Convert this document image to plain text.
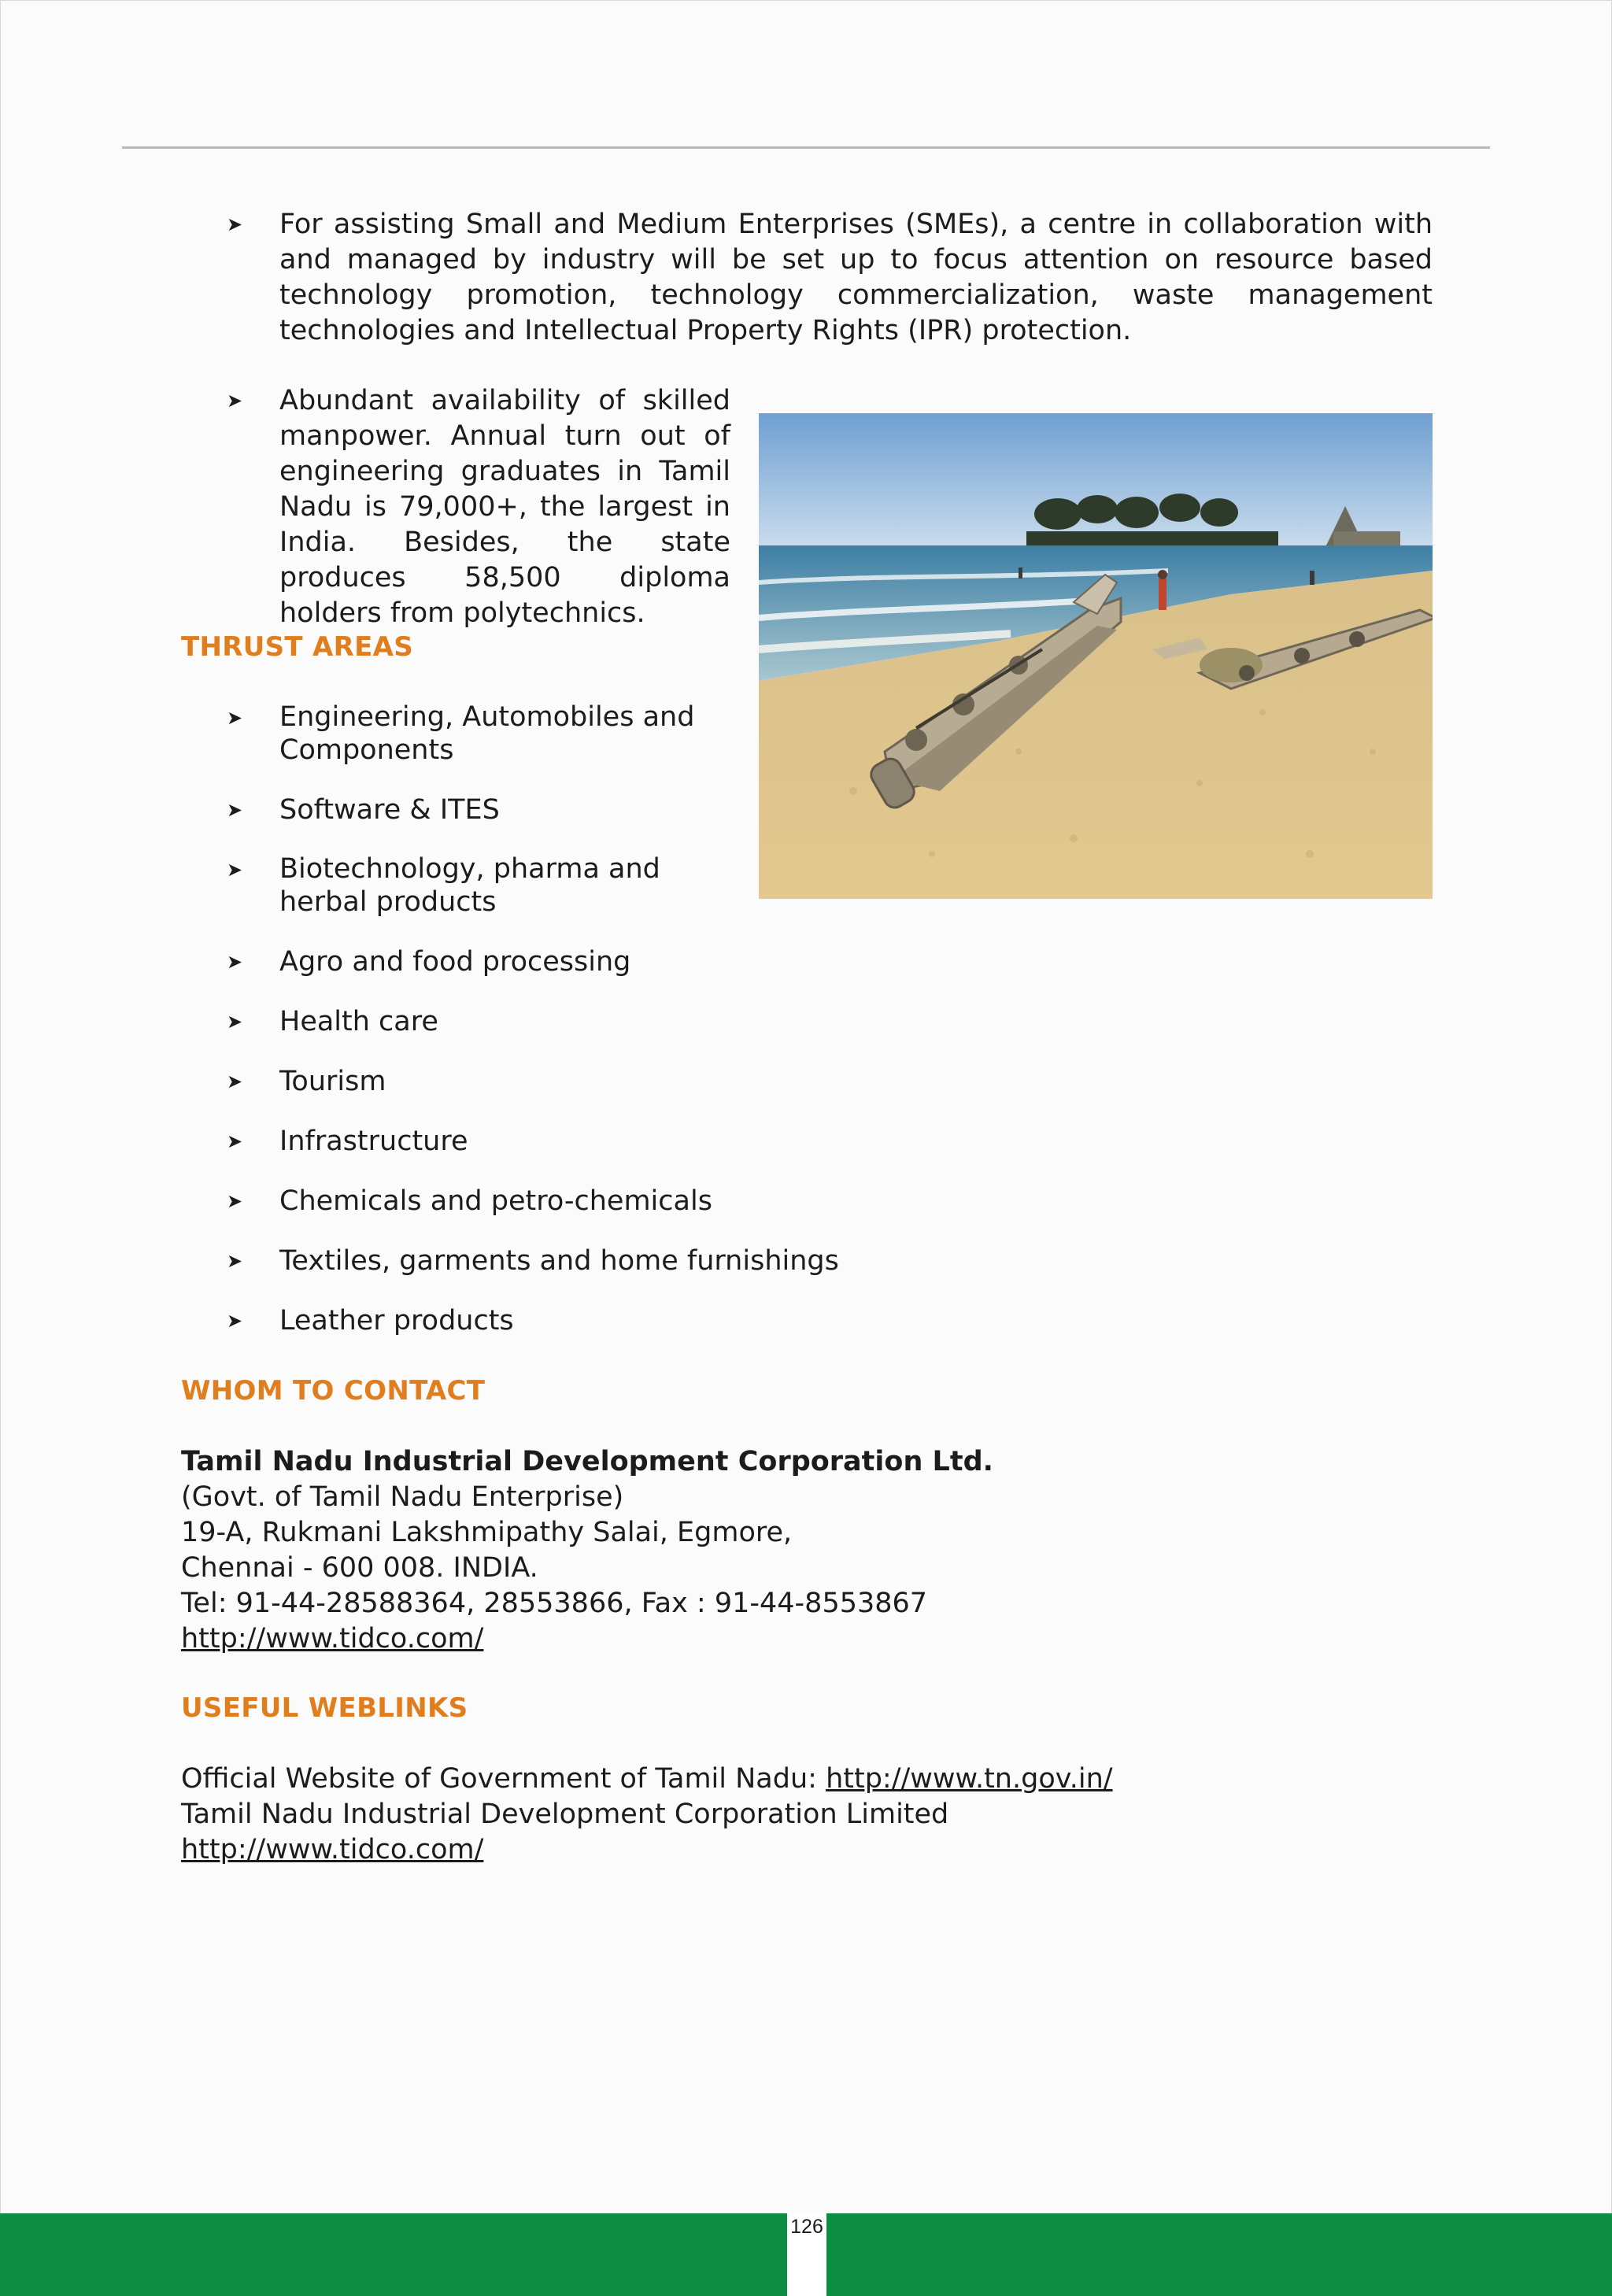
➤ For assisting Small and Medium Enterprises (SMEs), a centre in collaboration with and managed by industry will be set up to focus attention on resource based technology promotion, technology commercialization, waste management technologies and Intellectual Property Rights (IPR) protection.
➤ Abundant availability of skilled manpower. Annual turn out of engineering graduates in Tamil Nadu is 79,000+, the largest in India. Besides, the state produces 58,500 diploma holders from polytechnics.
THRUST AREAS
➤ Engineering, Automobiles and Components
➤ Software & ITES
➤ Biotechnology, pharma and herbal products
➤ Agro and food processing
➤ Health care
➤ Tourism
➤ Infrastructure
➤ Chemicals and petro-chemicals
➤ Textiles, garments and home furnishings
➤ Leather products
WHOM TO CONTACT
Tamil Nadu Industrial Development Corporation Ltd.
(Govt. of Tamil Nadu Enterprise)
19-A, Rukmani Lakshmipathy Salai, Egmore,
Chennai - 600 008. INDIA.
Tel: 91-44-28588364, 28553866, Fax : 91-44-8553867
http://www.tidco.com/
USEFUL WEBLINKS
Official Website of Government of Tamil Nadu: http://www.tn.gov.in/
Tamil Nadu Industrial Development Corporation Limited
http://www.tidco.com/
126
